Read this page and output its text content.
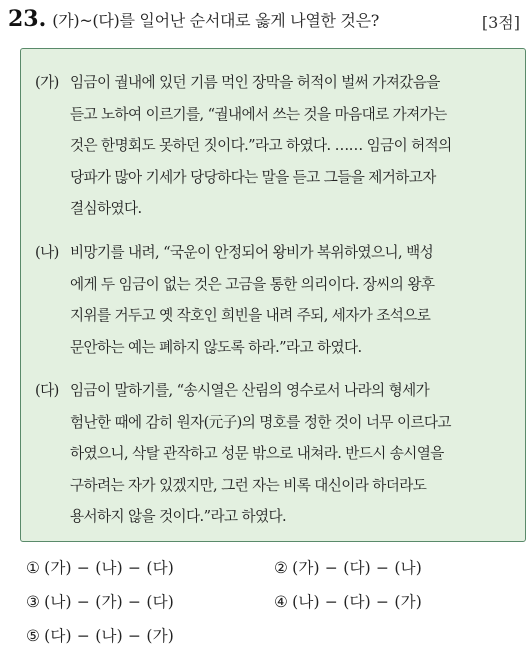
23. (가)~(다)를 일어난 순서대로 옳게 나열한 것은?	[3점]
(가) 임금이 궐내에 있던 기름 먹인 장막을 허적이 벌써 가져갔음을
듣고 노하여 이르기를, “궐내에서 쓰는 것을 마음대로 가져가는
것은 한명회도 못하던 짓이다.”라고 하였다. …… 임금이 허적의
당파가 많아 기세가 당당하다는 말을 듣고 그들을 제거하고자
결심하였다.
(나) 비망기를 내려, “국운이 안정되어 왕비가 복위하였으니, 백성
에게 두 임금이 없는 것은 고금을 통한 의리이다. 장씨의 왕후
지위를 거두고 옛 작호인 희빈을 내려 주되, 세자가 조석으로
문안하는 예는 폐하지 않도록 하라.”라고 하였다.
(다) 임금이 말하기를, “송시열은 산림의 영수로서 나라의 형세가
험난한 때에 감히 원자(元子)의 명호를 정한 것이 너무 이르다고
하였으니, 삭탈 관작하고 성문 밖으로 내쳐라. 반드시 송시열을
구하려는 자가 있겠지만, 그런 자는 비록 대신이라 하더라도
용서하지 않을 것이다.”라고 하였다.
① (가) − (나) − (다)	② (가) − (다) − (나)
③ (나) − (가) − (다)	④ (나) − (다) − (가)
⑤ (다) − (나) − (가)
